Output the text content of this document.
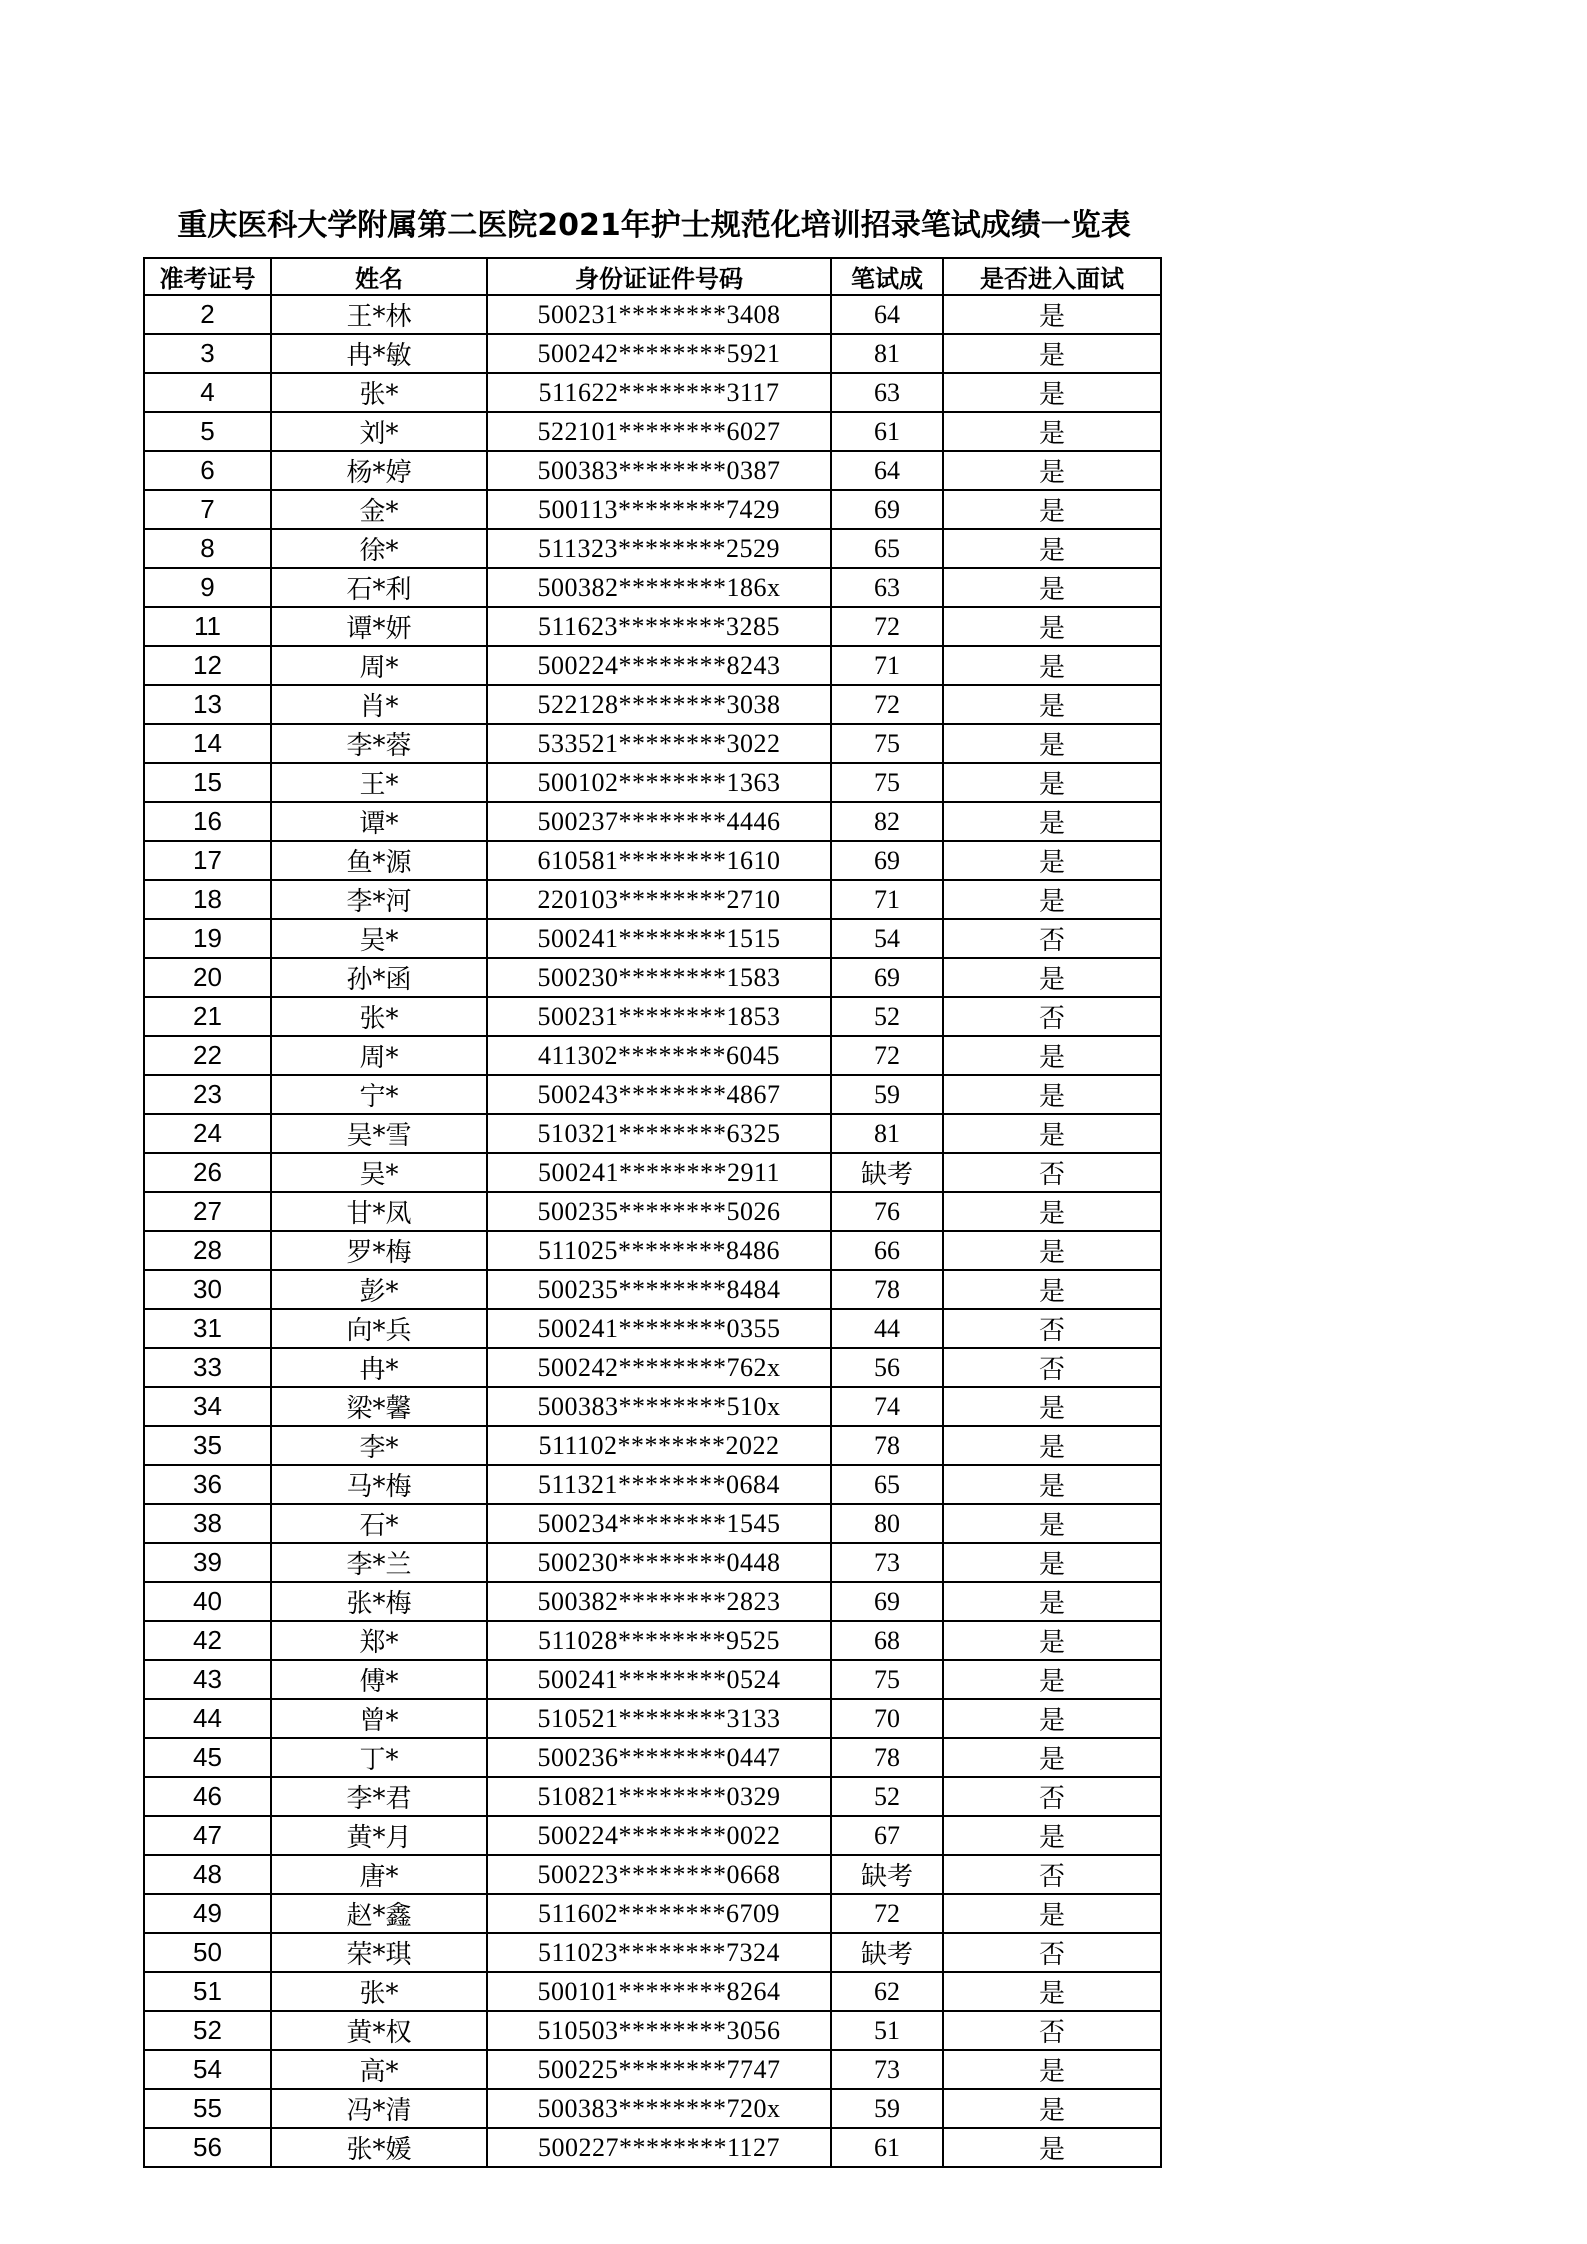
重庆医科大学附属第二医院2021年护士规范化培训招录笔试成绩一览表
准考证号	姓名	身份证证件号码	笔试成	是否进入面试
2	王*林	500231********3408	64	是
3	冉*敏	500242********5921	81	是
4	张*	511622********3117	63	是
5	刘*	522101********6027	61	是
6	杨*婷	500383********0387	64	是
7	金*	500113********7429	69	是
8	徐*	511323********2529	65	是
9	石*利	500382********186x	63	是
11	谭*妍	511623********3285	72	是
12	周*	500224********8243	71	是
13	肖*	522128********3038	72	是
14	李*蓉	533521********3022	75	是
15	王*	500102********1363	75	是
16	谭*	500237********4446	82	是
17	鱼*源	610581********1610	69	是
18	李*河	220103********2710	71	是
19	吴*	500241********1515	54	否
20	孙*函	500230********1583	69	是
21	张*	500231********1853	52	否
22	周*	411302********6045	72	是
23	宁*	500243********4867	59	是
24	吴*雪	510321********6325	81	是
26	吴*	500241********2911	缺考	否
27	甘*凤	500235********5026	76	是
28	罗*梅	511025********8486	66	是
30	彭*	500235********8484	78	是
31	向*兵	500241********0355	44	否
33	冉*	500242********762x	56	否
34	梁*馨	500383********510x	74	是
35	李*	511102********2022	78	是
36	马*梅	511321********0684	65	是
38	石*	500234********1545	80	是
39	李*兰	500230********0448	73	是
40	张*梅	500382********2823	69	是
42	郑*	511028********9525	68	是
43	傅*	500241********0524	75	是
44	曾*	510521********3133	70	是
45	丁*	500236********0447	78	是
46	李*君	510821********0329	52	否
47	黄*月	500224********0022	67	是
48	唐*	500223********0668	缺考	否
49	赵*鑫	511602********6709	72	是
50	荣*琪	511023********7324	缺考	否
51	张*	500101********8264	62	是
52	黄*权	510503********3056	51	否
54	高*	500225********7747	73	是
55	冯*清	500383********720x	59	是
56	张*媛	500227********1127	61	是
